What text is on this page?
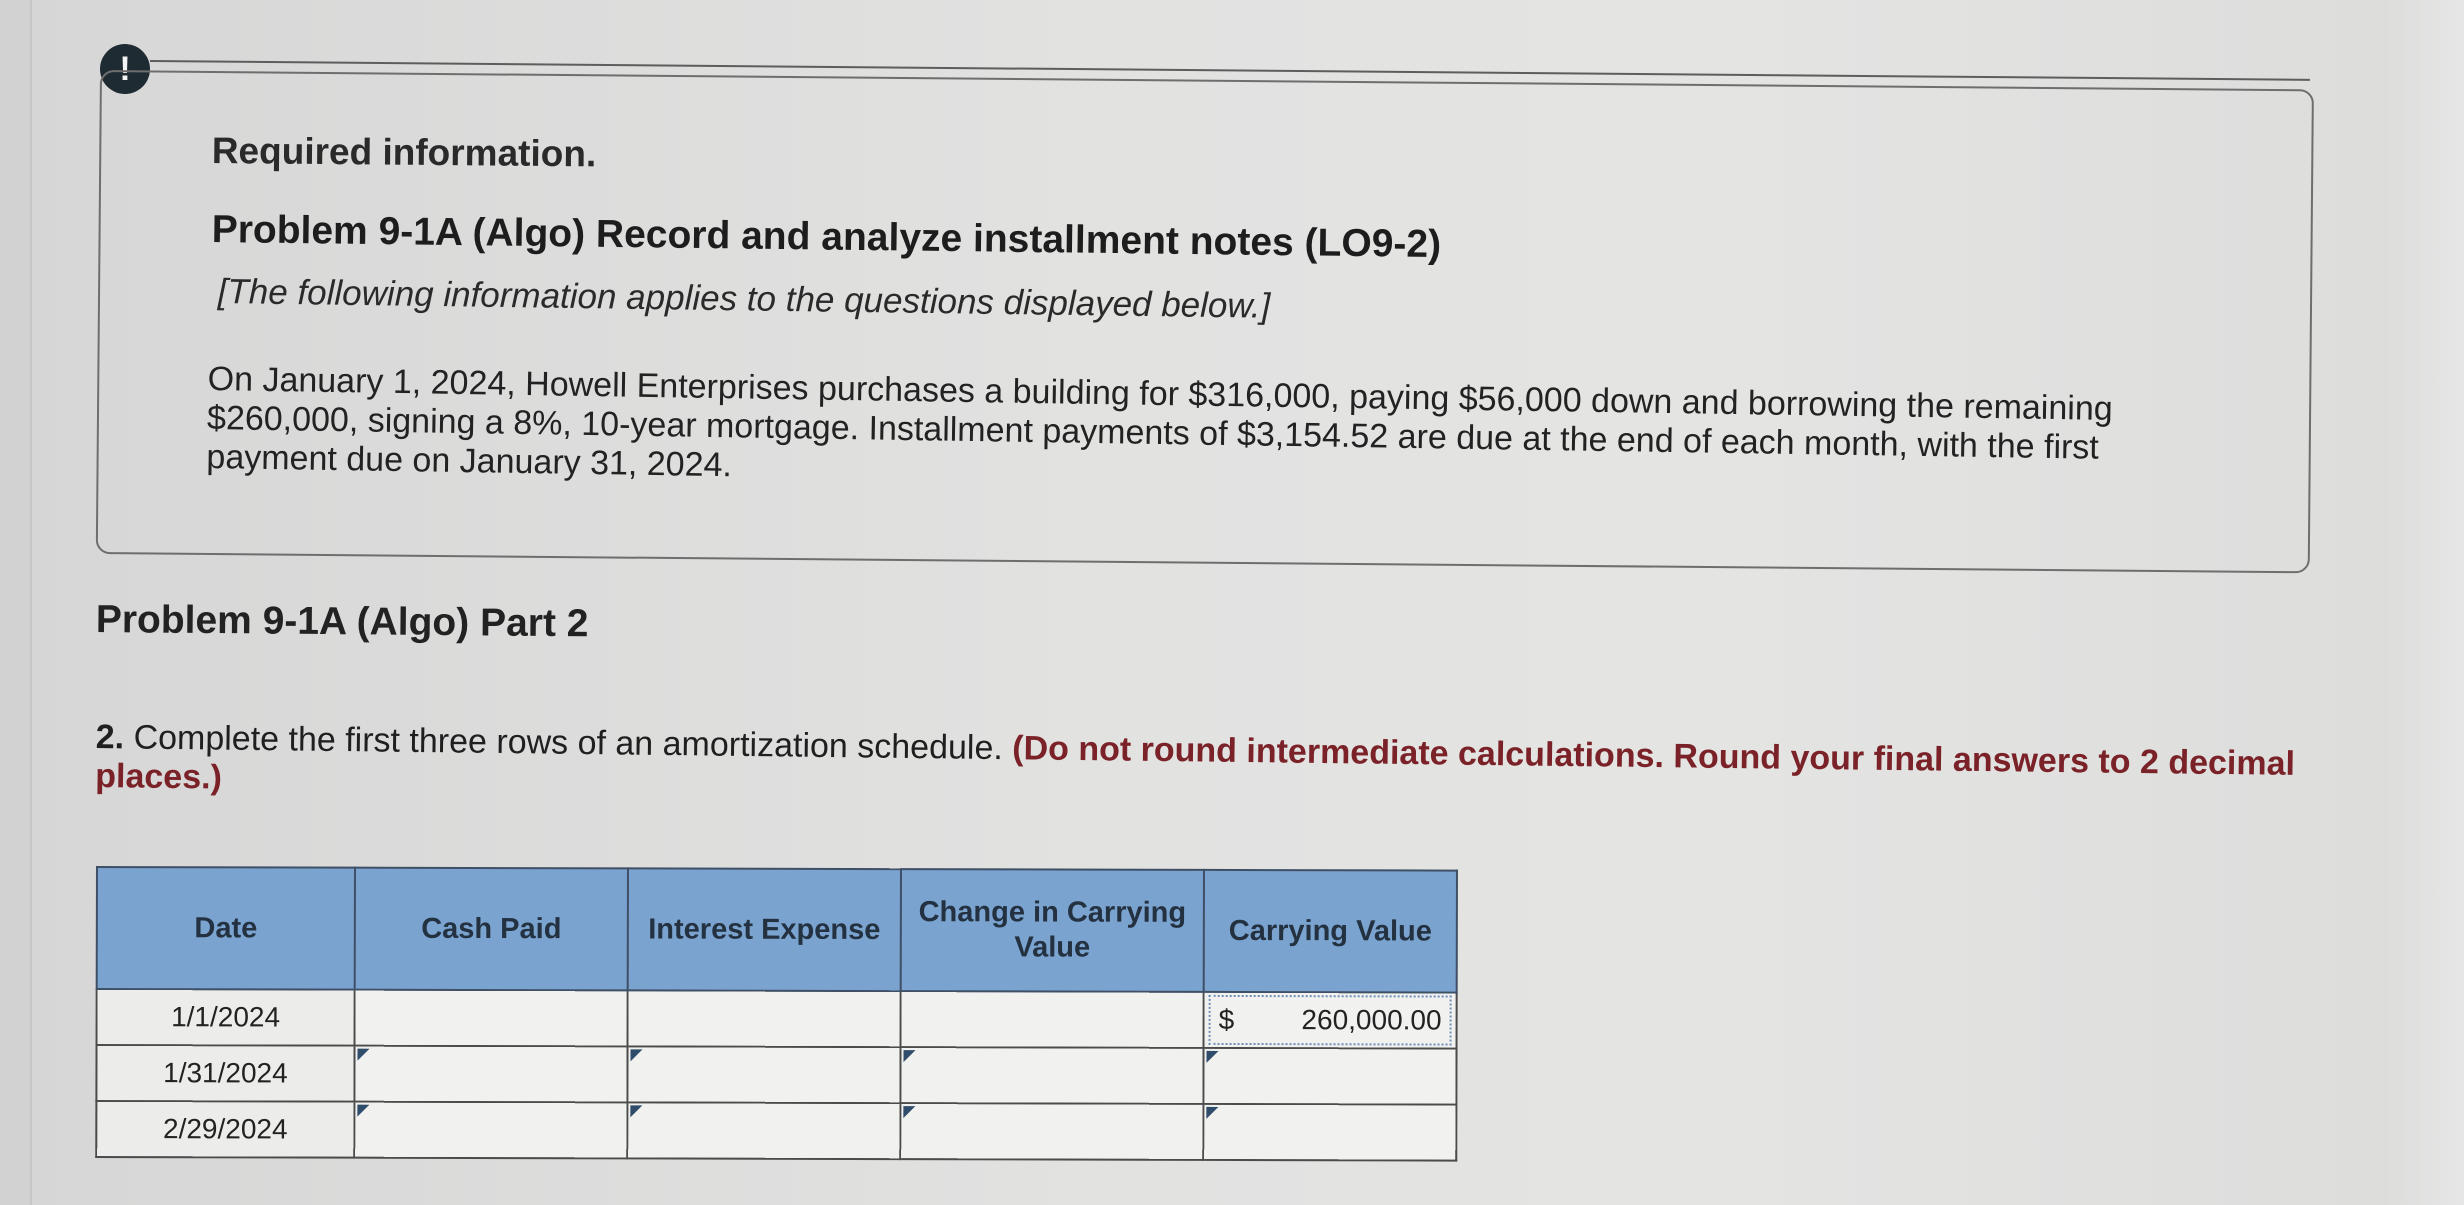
!
Required information.
Problem 9-1A (Algo) Record and analyze installment notes (LO9-2)
[The following information applies to the questions displayed below.]
On January 1, 2024, Howell Enterprises purchases a building for $316,000, paying $56,000 down and borrowing the remaining $260,000, signing a 8%, 10-year mortgage. Installment payments of $3,154.52 are due at the end of each month, with the first payment due on January 31, 2024.
Problem 9-1A (Algo) Part 2
2. Complete the first three rows of an amortization schedule. (Do not round intermediate calculations. Round your final answers to 2 decimal places.)
Date	Cash Paid	Interest Expense	Change in Carrying Value	Carrying Value
1/1/2024				$ 260,000.00

1/31/2024	

2/29/2024	
